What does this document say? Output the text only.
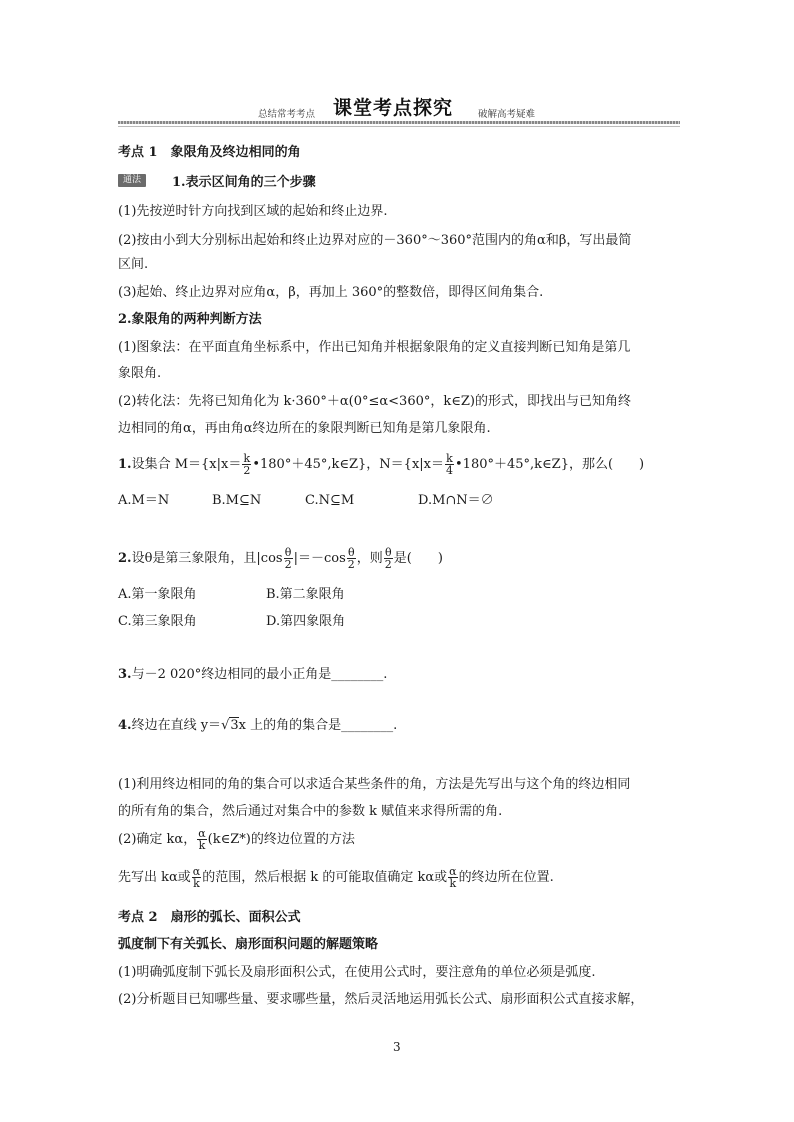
总结常考考点 课堂考点探究	破解高考疑难
考点 1　象限角及终边相同的角
通法	1.表示区间角的三个步骤
(1)先按逆时针方向找到区域的起始和终止边界.
(2)按由小到大分别标出起始和终止边界对应的－360°～360°范围内的角α和β，写出最简
区间.
(3)起始、终止边界对应角α，β，再加上 360°的整数倍，即得区间角集合.
2.象限角的两种判断方法
(1)图象法：在平面直角坐标系中，作出已知角并根据象限角的定义直接判断已知角是第几
象限角.
(2)转化法：先将已知角化为 k·360°＋α(0°≤α<360°，k∈Z)的形式，即找出与已知角终
边相同的角α，再由角α终边所在的象限判断已知角是第几象限角.
1.设集合 $M=\{x|x= \frac{k}{2}$ •180°＋45°,k∈Z}，$N=\{x|x= \frac{k}{4}$ •180°＋45°,k∈Z}，那么(　　)
A.M＝N	B.M⊆N	C.N⊆M	D.M∩N＝∅
2.设θ是第三象限角，且$|\cos \frac{\theta}{2} |=-\cos \frac{\theta}{2}$ ，则 $\frac{\theta}{2}$ 是(　　)
A.第一象限角	B.第二象限角
C.第三象限角	D.第四象限角
3.与－2 020°终边相同的最小正角是________.
4.终边在直线 y＝√3x 上的角的集合是________.
(1)利用终边相同的角的集合可以求适合某些条件的角，方法是先写出与这个角的终边相同
的所有角的集合，然后通过对集合中的参数 k 赋值来求得所需的角.
(2)确定 kα， $\frac{\alpha}{k}$ (k∈Z*)的终边位置的方法
先写出 kα或 $\frac{\alpha}{k}$ 的范围，然后根据 k 的可能取值确定 kα或 $\frac{\alpha}{k}$ 的终边所在位置.
考点 2　扇形的弧长、面积公式
弧度制下有关弧长、扇形面积问题的解题策略
(1)明确弧度制下弧长及扇形面积公式，在使用公式时，要注意角的单位必须是弧度.
(2)分析题目已知哪些量、要求哪些量，然后灵活地运用弧长公式、扇形面积公式直接求解，
3
